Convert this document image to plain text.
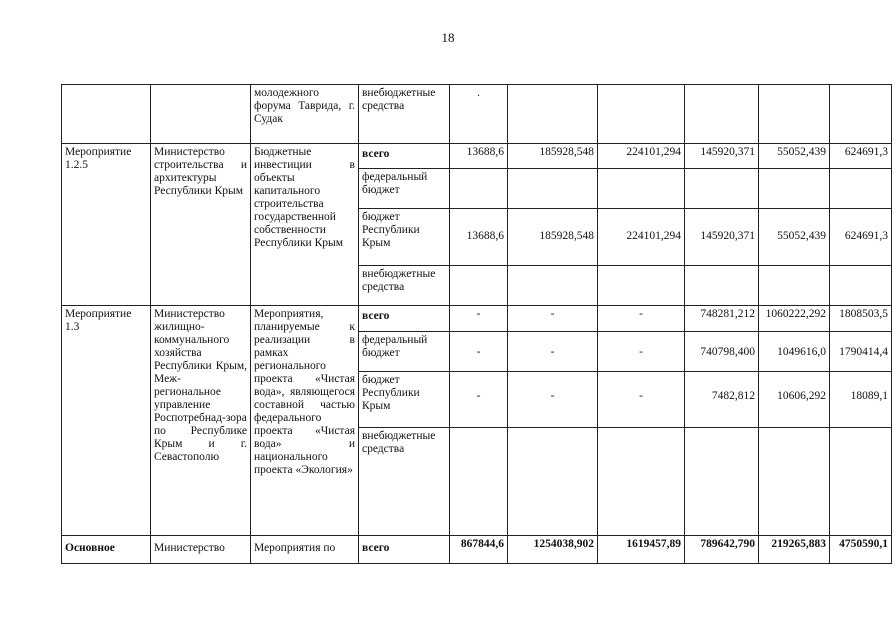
18
		молодежного форума Таврида, г. Судак	внебюджетные средства	.					
Мероприятие 1.2.5	Министерство строительства и архитектуры Республики Крым	Бюджетные инвестиции в объекты капитального строительства государственной собственности Республики Крым	всего	13688,6	185928,548	224101,294	145920,371	55052,439	624691,3
			федеральный бюджет						
			бюджет Республики Крым	13688,6	185928,548	224101,294	145920,371	55052,439	624691,3
			внебюджетные средства						
Мероприятие 1.3	Министерство жилищно-коммунального хозяйства Республики Крым, Меж-региональное управление Роспотребнад-зора по Республике Крым и г. Севастополю	Мероприятия, планируемые к реализации в рамках регионального проекта «Чистая вода», являющегося составной частью федерального проекта «Чистая вода» и национального проекта «Экология»	всего	-	-	-	748281,212	1060222,292	1808503,5
			федеральный бюджет	-	-	-	740798,400	1049616,0	1790414,4
			бюджет Республики Крым	-	-	-	7482,812	10606,292	18089,1
			внебюджетные средства						
Основное	Министерство	Мероприятия по	всего	867844,6	1254038,902	1619457,89	789642,790	219265,883	4750590,1
